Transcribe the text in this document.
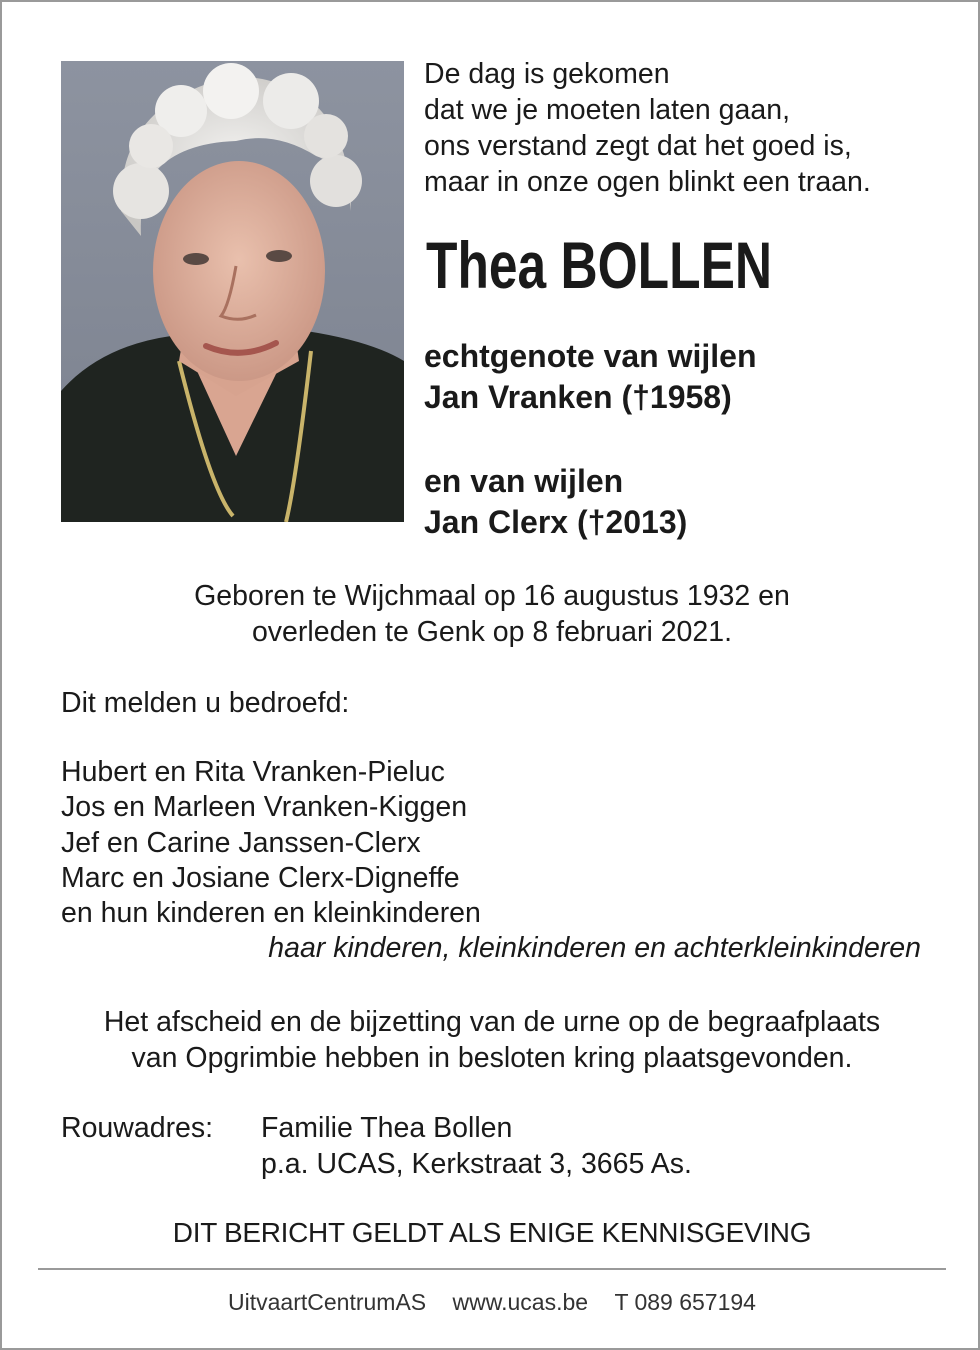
De dag is gekomen
dat we je moeten laten gaan,
ons verstand zegt dat het goed is,
maar in onze ogen blinkt een traan.
Thea BOLLEN
echtgenote van wijlen
Jan Vranken (†1958)
en van wijlen
Jan Clerx (†2013)
Geboren te Wijchmaal op 16 augustus 1932 en
overleden te Genk op 8 februari 2021.
Dit melden u bedroefd:
Hubert en Rita Vranken-Pieluc
Jos en Marleen Vranken-Kiggen
Jef en Carine Janssen-Clerx
Marc en Josiane Clerx-Digneffe
en hun kinderen en kleinkinderen
haar kinderen, kleinkinderen en achterkleinkinderen
Het afscheid en de bijzetting van de urne op de begraafplaats
van Opgrimbie hebben in besloten kring plaatsgevonden.
Rouwadres: Familie Thea Bollen
p.a. UCAS, Kerkstraat 3, 3665 As.
DIT BERICHT GELDT ALS ENIGE KENNISGEVING
UitvaartCentrumAS www.ucas.be T 089 657194
